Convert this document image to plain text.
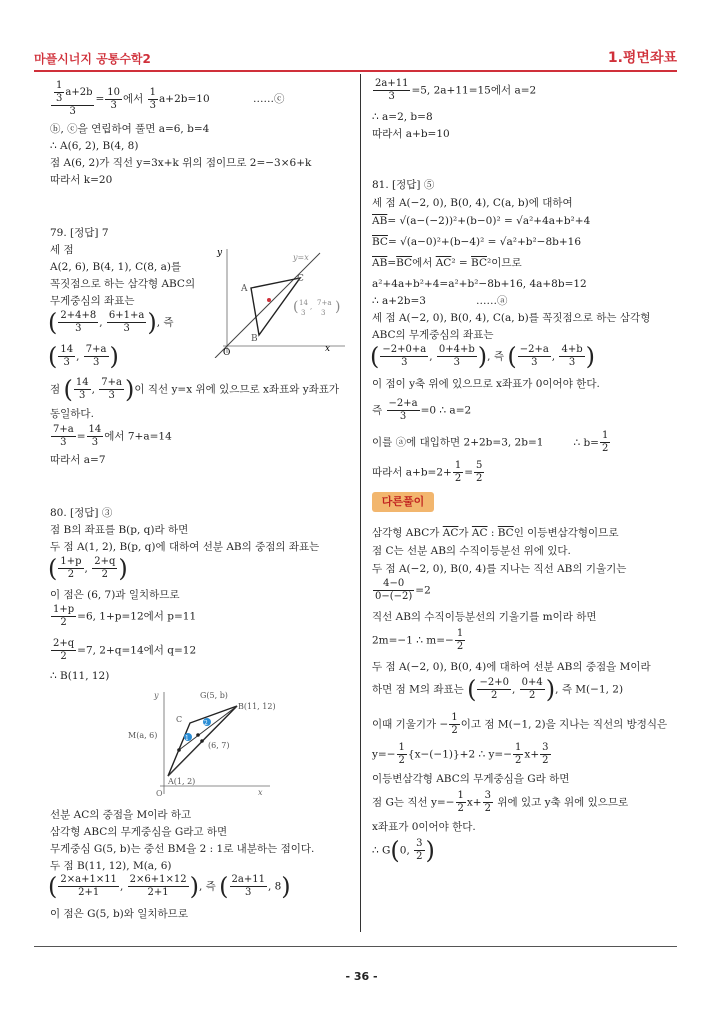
마플시너지 공통수학2	1.평면좌표
$\frac{\frac{1}{3} a+2b}{3} = \frac{10}{3}$ 에서 $\frac{1}{3} a+2b=10$	……ⓒ
ⓑ, ⓒ을 연립하여 풀면 a=6, b=4
∴ A(6, 2), B(4, 8)
점 A(6, 2)가 직선 y=3x+k 위의 점이므로 2=−3×6+k
따라서 k=20
79. [정답] 7
세 점
A(2, 6), B(4, 1), C(8, a)를
꼭짓점으로 하는 삼각형 ABC의
무게중심의 좌표는
( $\frac{2+4+8}{3}$ , $\frac{6+1+a}{3}$ ), 즉
( $\frac{14}{3}$ , $\frac{7+a}{3}$ )
점 ( $\frac{14}{3}$ , $\frac{7+a}{3}$ )이 직선 y=x 위에 있으므로 x좌표와 y좌표가
동일하다.
$\frac{7+a}{3} = \frac{14}{3}$ 에서 7+a=14
따라서 a=7
y
x
O
y=x
A
B
C
14
3
7+a
3
(	)
,
80. [정답] ③
점 B의 좌표를 B(p, q)라 하면
두 점 A(1, 2), B(p, q)에 대하여 선분 AB의 중점의 좌표는
( $\frac{1+p}{2}$ , $\frac{2+q}{2}$ )
이 점은 (6, 7)과 일치하므로
$\frac{1+p}{2} =6$, 1+p=12에서 p=11
$\frac{2+q}{2} =7$, 2+q=14에서 q=12
∴ B(11, 12)
1
2
y
x
O
G(5, b)
B(11, 12)
C
M(a, 6)
(6, 7)
A(1, 2)
선분 AC의 중점을 M이라 하고
삼각형 ABC의 무게중심을 G라고 하면
무게중심 G(5, b)는 중선 BM을 2 : 1로 내분하는 점이다.
두 점 B(11, 12), M(a, 6)
( $\frac{2\times a+1\times 11}{2+1}$ , $\frac{2\times 6+1\times 12}{2+1}$ ), 즉 ( $\frac{2a+11}{3}$ , 8)
이 점은 G(5, b)와 일치하므로
$\frac{2a+11}{3} =5$, 2a+11=15에서 a=2
∴ a=2, b=8
따라서 a+b=10
81. [정답] ⑤
세 점 A(−2, 0), B(0, 4), C(a, b)에 대하여
$\overline{AB}= √(a-(-2))^2+(b-0)^2 = √a^2+4a+b^2+4$
$\overline{BC}= √(a-0)^2+(b-4)^2 = √a^2+b^2-8b+16$
$\overline{AB}=\overline{BC}$에서 $\overline{AC}^2 = \overline{BC}^2$이므로
a²+4a+b²+4=a²+b²−8b+16, 4a+8b=12
∴ a+2b=3	……ⓐ
세 점 A(−2, 0), B(0, 4), C(a, b)를 꼭짓점으로 하는 삼각형
ABC의 무게중심의 좌표는
( $\frac{-2+0+a}{3}$ , $\frac{0+4+b}{3}$ ), 즉 ( $\frac{-2+a}{3}$ , $\frac{4+b}{3}$ )
이 점이 y축 위에 있으므로 x좌표가 0이어야 한다.
즉 $\frac{-2+a}{3} =0$ ∴ a=2
이를 ⓐ에 대입하면 2+2b=3, 2b=1	∴ $b= \frac{1}{2}$
따라서 $a+b=2+ \frac{1}{2} = \frac{5}{2}$
다른풀이
삼각형 ABC가 $\overline{AC}$가 $\overline{AC}$ : $\overline{BC}$인 이등변삼각형이므로
점 C는 선분 AB의 수직이등분선 위에 있다.
두 점 A(−2, 0), B(0, 4)를 지나는 직선 AB의 기울기는
$\frac{4-0}{0-(-2)} =2$
직선 AB의 수직이등분선의 기울기를 m이라 하면
2m=−1 ∴ $m=- \frac{1}{2}$
두 점 A(−2, 0), B(0, 4)에 대하여 선분 AB의 중점을 M이라
하면 점 M의 좌표는 ( $\frac{-2+0}{2}$ , $\frac{0+4}{2}$ ), 즉 M(−1, 2)
이때 기울기가 − $\frac{1}{2}$ 이고 점 M(−1, 2)을 지나는 직선의 방정식은
$y=- \frac{1}{2} \{x-(-1)\}+2$ ∴ $y=- \frac{1}{2} x+ \frac{3}{2}$
이등변삼각형 ABC의 무게중심을 G라 하면
점 G는 직선 $y=- \frac{1}{2} x+ \frac{3}{2}$ 위에 있고 y축 위에 있으므로
x좌표가 0이어야 한다.
∴ G(0, $\frac{3}{2}$ )
- 36 -
